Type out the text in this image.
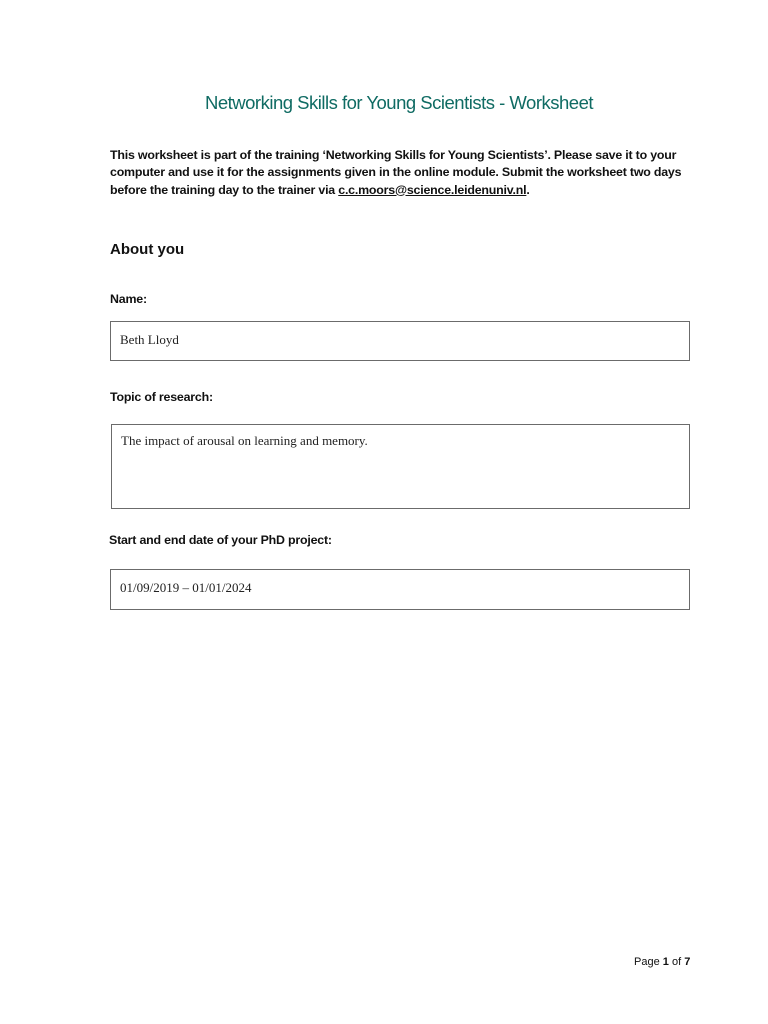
Networking Skills for Young Scientists - Worksheet
This worksheet is part of the training ‘Networking Skills for Young Scientists’. Please save it to your
computer and use it for the assignments given in the online module. Submit the worksheet two days
before the training day to the trainer via c.c.moors@science.leidenuniv.nl.
About you
Name:
Beth Lloyd
Topic of research:
The impact of arousal on learning and memory.
Start and end date of your PhD project:
01/09/2019 – 01/01/2024
Page 1 of 7
